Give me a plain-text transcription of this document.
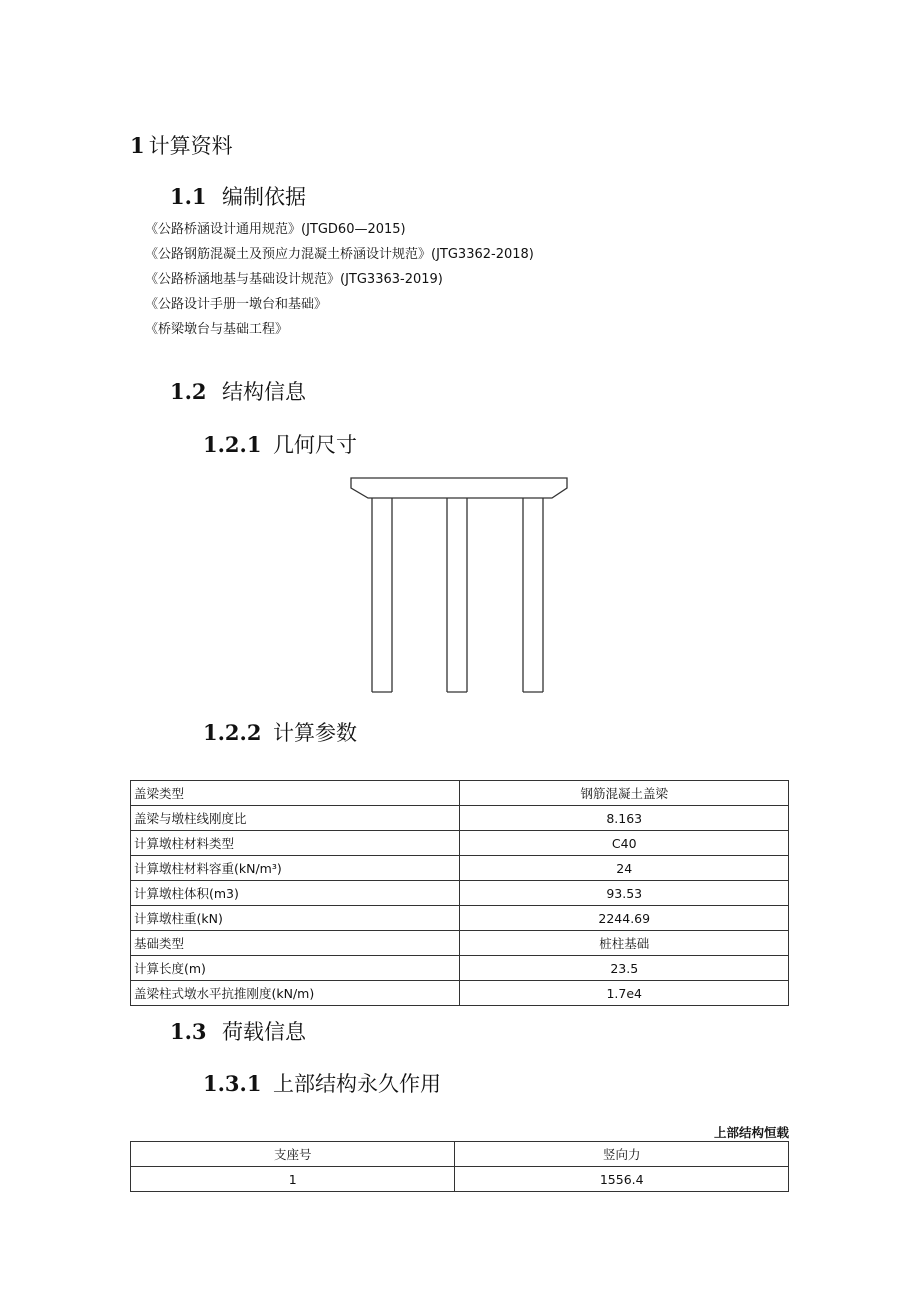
1 计算资料
1.1 编制依据
《公路桥涵设计通用规范》(JTGD60—2015)
《公路钢筋混凝土及预应力混凝土桥涵设计规范》(JTG3362-2018)
《公路桥涵地基与基础设计规范》(JTG3363-2019)
《公路设计手册一墩台和基础》
《桥梁墩台与基础工程》
1.2 结构信息
1.2.1 几何尺寸
1.2.2 计算参数
盖梁类型	钢筋混凝土盖梁
盖梁与墩柱线刚度比	8.163
计算墩柱材料类型	C40
计算墩柱材料容重(kN/m³)	24
计算墩柱体积(m3)	93.53
计算墩柱重(kN)	2244.69
基础类型	桩柱基础
计算长度(m)	23.5
盖梁柱式墩水平抗推刚度(kN/m)	1.7e4
1.3 荷载信息
1.3.1 上部结构永久作用
上部结构恒载
支座号	竖向力
1	1556.4
